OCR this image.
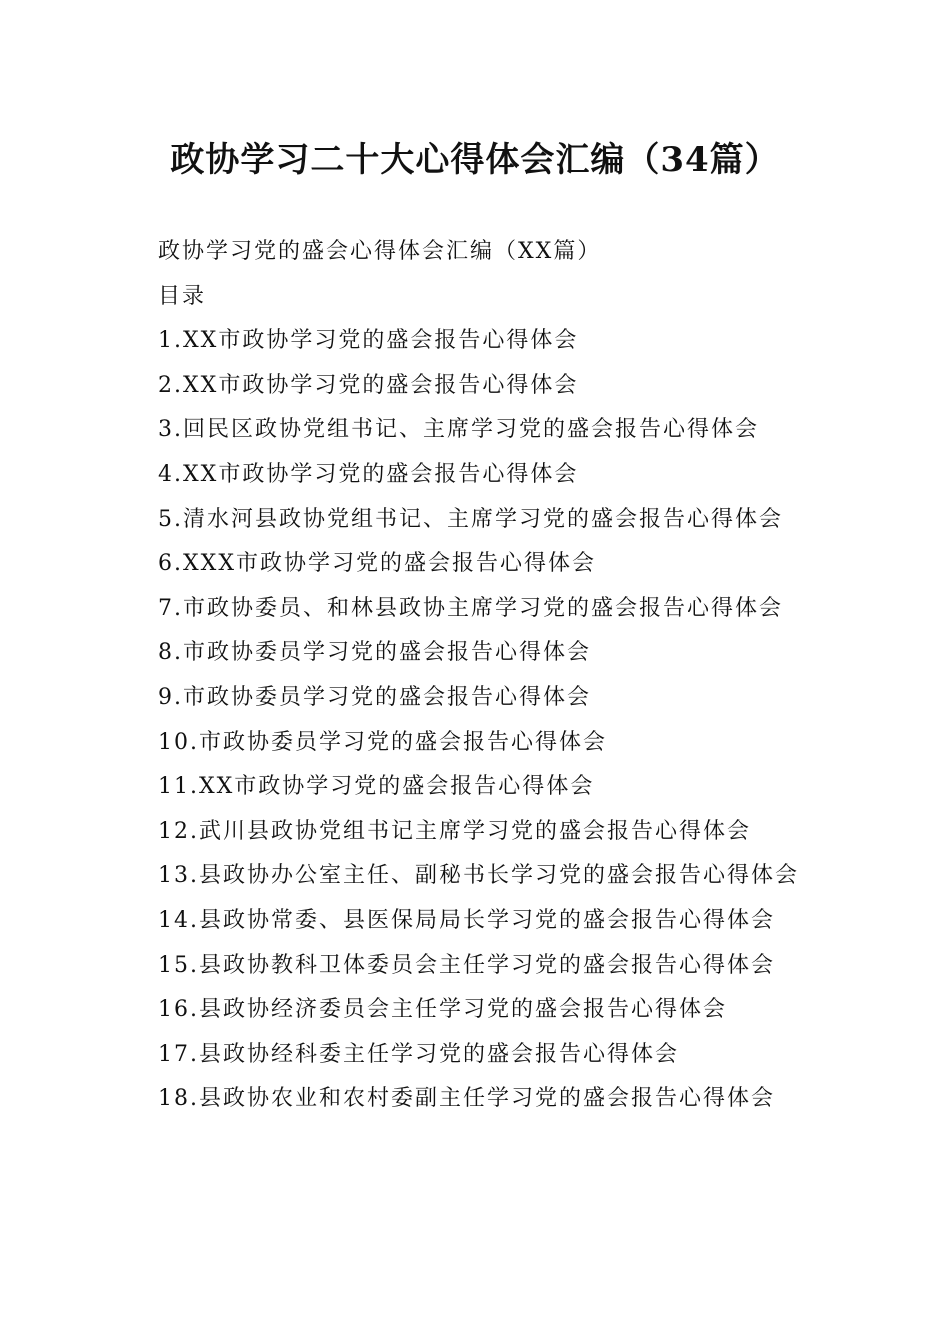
政协学习二十大心得体会汇编（34篇）

政协学习党的盛会心得体会汇编（XX篇）

目录

1.XX市政协学习党的盛会报告心得体会

2.XX市政协学习党的盛会报告心得体会

3.回民区政协党组书记、主席学习党的盛会报告心得体会

4.XX市政协学习党的盛会报告心得体会

5.清水河县政协党组书记、主席学习党的盛会报告心得体会

6.XXX市政协学习党的盛会报告心得体会

7.市政协委员、和林县政协主席学习党的盛会报告心得体会

8.市政协委员学习党的盛会报告心得体会

9.市政协委员学习党的盛会报告心得体会

10.市政协委员学习党的盛会报告心得体会

11.XX市政协学习党的盛会报告心得体会

12.武川县政协党组书记主席学习党的盛会报告心得体会

13.县政协办公室主任、副秘书长学习党的盛会报告心得体会

14.县政协常委、县医保局局长学习党的盛会报告心得体会

15.县政协教科卫体委员会主任学习党的盛会报告心得体会

16.县政协经济委员会主任学习党的盛会报告心得体会

17.县政协经科委主任学习党的盛会报告心得体会

18.县政协农业和农村委副主任学习党的盛会报告心得体会
